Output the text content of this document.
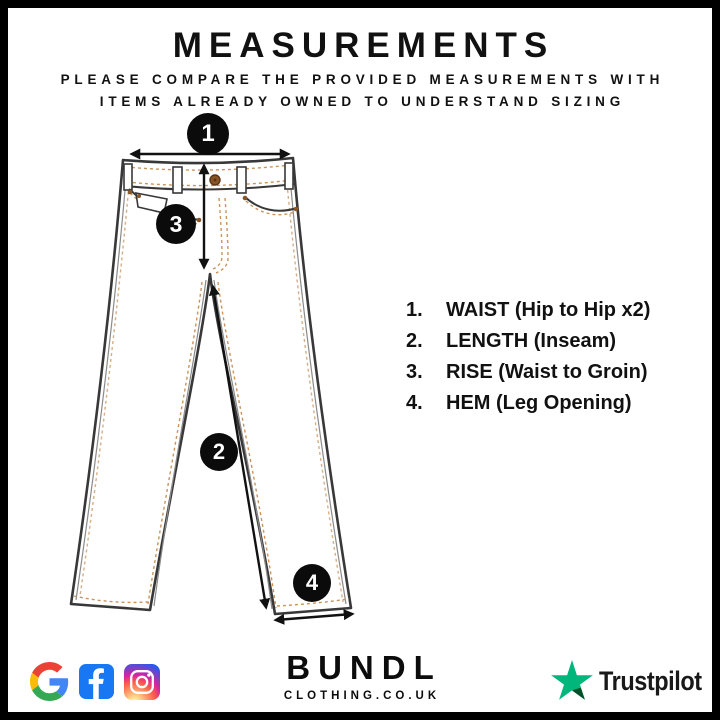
MEASUREMENTS
PLEASE COMPARE THE PROVIDED MEASUREMENTS WITH
ITEMS ALREADY OWNED TO UNDERSTAND SIZING
1
3
2
4
1.	WAIST (Hip to Hip x2)
2.	LENGTH (Inseam)
3.	RISE (Waist to Groin)
4.	HEM (Leg Opening)
BUNDL
CLOTHING.CO.UK
Trustpilot
